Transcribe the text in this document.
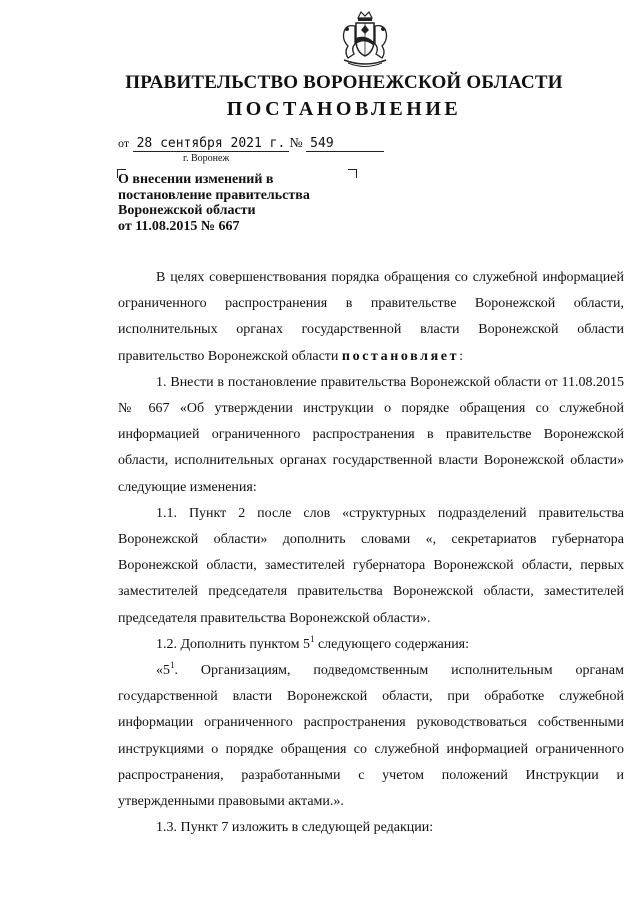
ПРАВИТЕЛЬСТВО ВОРОНЕЖСКОЙ ОБЛАСТИ
ПОСТАНОВЛЕНИЕ
от 28 сентября 2021 г. № 549
г. Воронеж
О внесении изменений в
постановление правительства
Воронежской области
от 11.08.2015 № 667

В целях совершенствования порядка обращения со служебной информацией ограниченного распространения в правительстве Воронежской области, исполнительных органах государственной власти Воронежской области правительство Воронежской области постановляет:

1. Внести в постановление правительства Воронежской области от 11.08.2015 № 667 «Об утверждении инструкции о порядке обращения со служебной информацией ограниченного распространения в правительстве Воронежской области, исполнительных органах государственной власти Воронежской области» следующие изменения:

1.1. Пункт 2 после слов «структурных подразделений правительства Воронежской области» дополнить словами «, секретариатов губернатора Воронежской области, заместителей губернатора Воронежской области, первых заместителей председателя правительства Воронежской области, заместителей председателя правительства Воронежской области».

1.2. Дополнить пунктом $5^1$ следующего содержания:

«$5^1$. Организациям, подведомственным исполнительным органам государственной власти Воронежской области, при обработке служебной информации ограниченного распространения руководствоваться собственными инструкциями о порядке обращения со служебной информацией ограниченного распространения, разработанными с учетом положений Инструкции и утвержденными правовыми актами.».

1.3. Пункт 7 изложить в следующей редакции:
